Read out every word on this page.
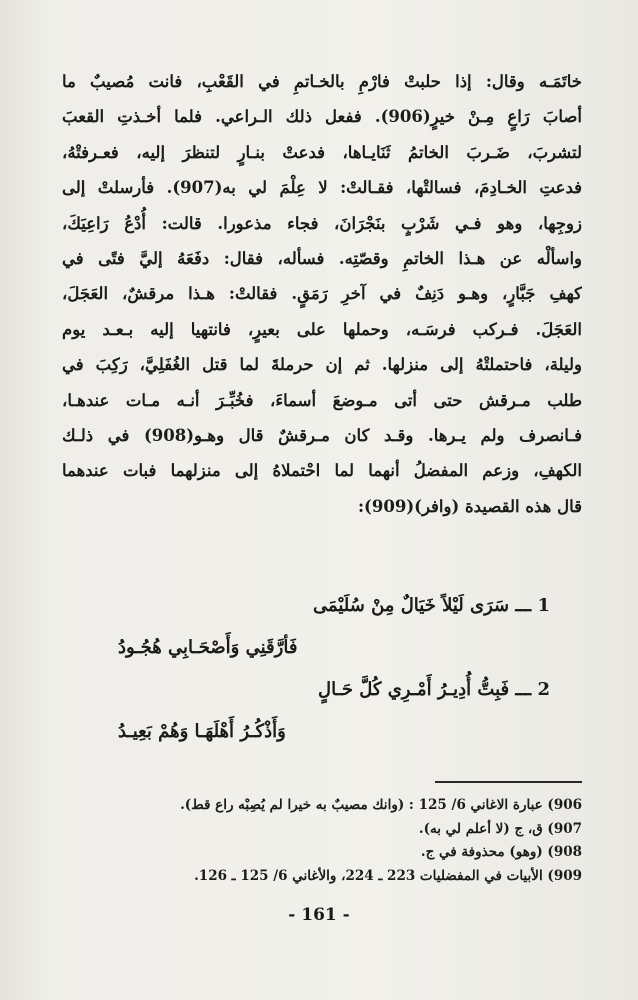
خاتَمَـه وقال: إذا حلبتْ فارْمِ بالخـاتمِ في القَعْبِ، فانت مُصيبٌ ما
أصابَ رَاعٍ مِـنْ خيرٍ(906). ففعل ذلك الـراعي. فلما أخـذتِ القعبَ
لتشربَ، ضَـربَ الخاتمُ ثَنَايـاها، فدعتْ بنـارٍ لتنظرَ إليه، فعـرفتْهُ،
فدعتِ الخـادِمَ، فسالتْها، فقـالتْ: لا عِلْمَ لي به(907). فأرسلتْ إلى
زوجِها، وهو فـي شَرْبٍ بنَجْرَانَ، فجاء مذعورا. قالت: أُدْعُ رَاعِيَكَ،
واسألْه عن هـذا الخاتمِ وقصّتِه. فسأله، فقال: دفَعَهُ إليَّ فتًى في
كهفِ جَبَّارٍ، وهـو دَنِفٌ في آخرِ رَمَقٍ. فقالتْ: هـذا مرقشٌ، العَجَلَ،
العَجَلَ. فـركب فرسَـه، وحملها على بعيرٍ، فانتهيا إليه بـعـد يوم
وليلة، فاحتملتْهُ إلى منزلها. ثم إن حرملةَ لما قتل الغُفَلِيَّ، رَكِبَ في
طلب مـرقش حتى أتى مـوضعَ أسماءَ، فخُبِّـرَ أنـه مـات عندهـا،
فـانصرف ولم يـرها. وقـد كان مـرقشٌ قال وهـو(908) في ذلـك
الكهفِ، وزعم المفضلُ أنهما لما احْتملاهُ إلى منزلهما فبات عندهما
قال هذه القصيدة (وافر)(909):
1 ـــ سَرَى لَيْلاً خَيَالٌ مِنْ سُلَيْمَى
فَأرَّقَنِي وَأَصْحَـابِي هُجُـودُ
2 ـــ فَبِتُّ أُدِيـرُ أَمْـرِي كُلَّ حَـالٍ
وَأَذْكُـرُ أَهْلَهَـا وَهُمْ بَعِيـدُ
906) عبارة الاغاني 6/ 125 : (وانك مصيبٌ به خيرا لم يُصِبْه راع قط).
907) ق، ج (لا أعلم لي به).
908) (وهو) محذوفة في ج.
909) الأبيات في المفضليات 223 ـ 224، والأغاني 6/ 125 ـ 126.
- 161 -
